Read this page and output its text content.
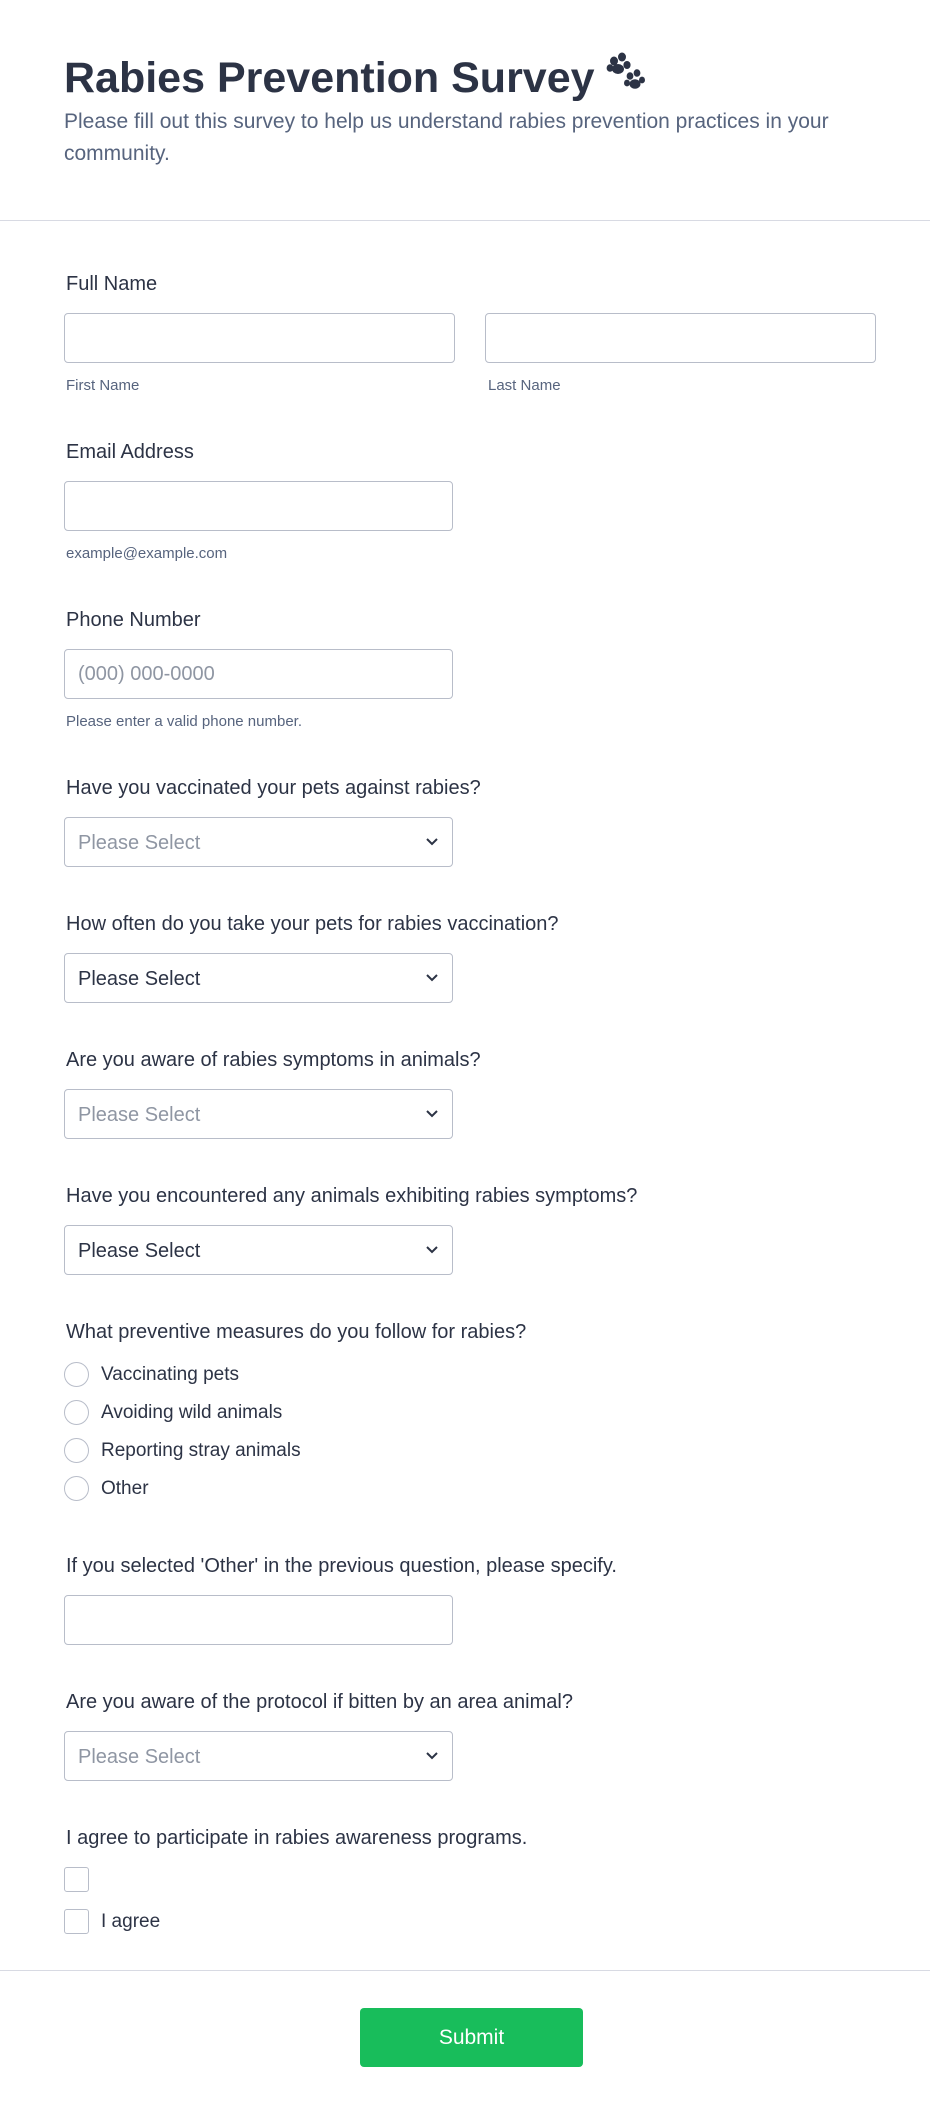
Rabies Prevention Survey
Please fill out this survey to help us understand rabies prevention practices in your community.
Full Name
First Name	Last Name
Email Address
example@example.com
Phone Number
(000) 000-0000
Please enter a valid phone number.
Have you vaccinated your pets against rabies?
Please Select
How often do you take your pets for rabies vaccination?
Please Select
Are you aware of rabies symptoms in animals?
Please Select
Have you encountered any animals exhibiting rabies symptoms?
Please Select
What preventive measures do you follow for rabies?
Vaccinating pets
Avoiding wild animals
Reporting stray animals
Other
If you selected 'Other' in the previous question, please specify.
Are you aware of the protocol if bitten by an area animal?
Please Select
I agree to participate in rabies awareness programs.
I agree
Submit
